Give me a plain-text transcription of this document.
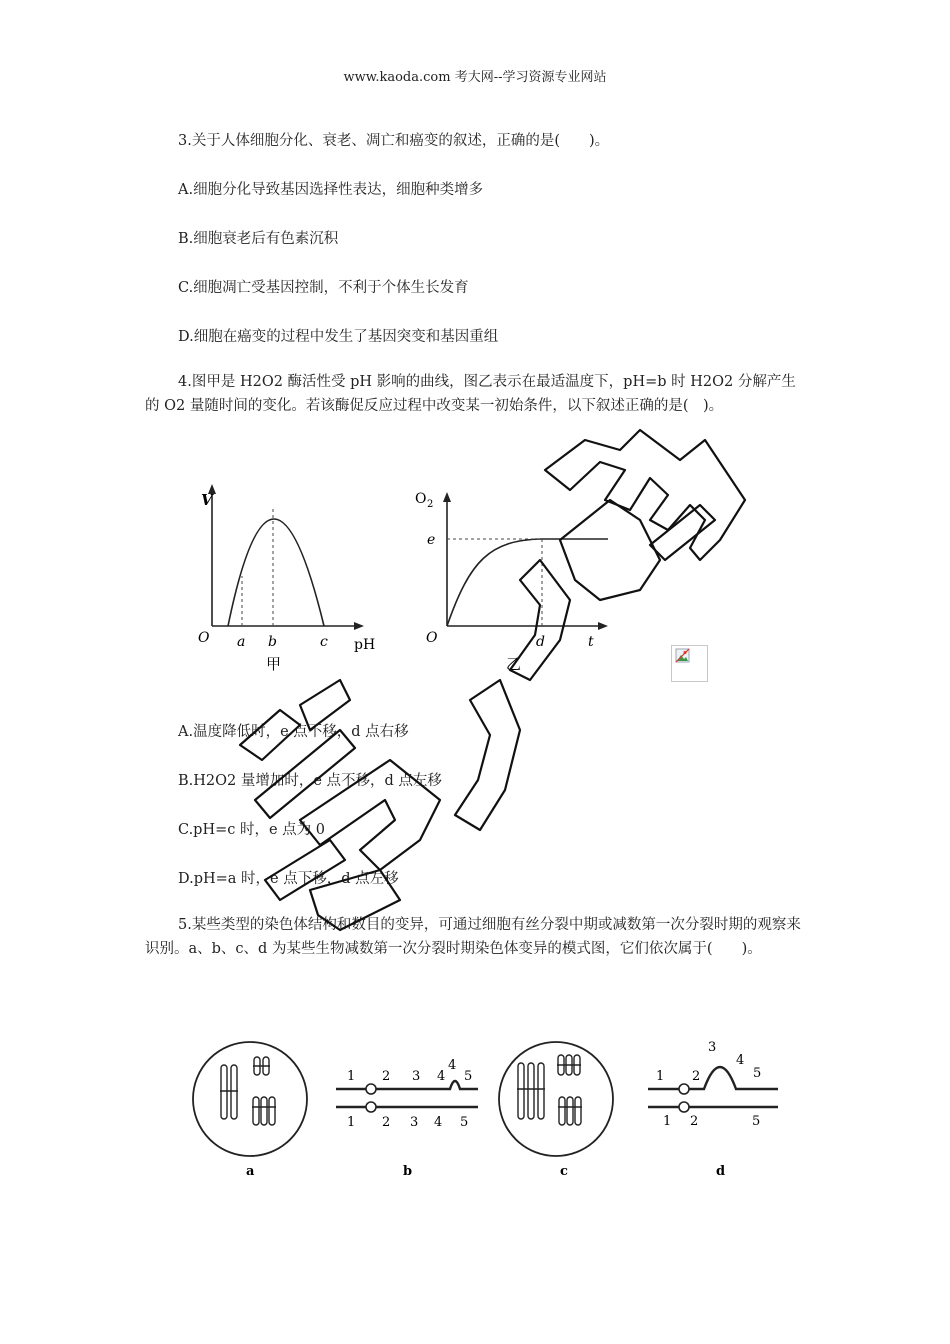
www.kaoda.com 考大网--学习资源专业网站
3.关于人体细胞分化、衰老、凋亡和癌变的叙述，正确的是(　　)。
A.细胞分化导致基因选择性表达，细胞种类增多
B.细胞衰老后有色素沉积
C.细胞凋亡受基因控制，不利于个体生长发育
D.细胞在癌变的过程中发生了基因突变和基因重组
4.图甲是 H2O2 酶活性受 pH 影响的曲线，图乙表示在最适温度下，pH=b 时 H2O2 分解产生的 O2 量随时间的变化。若该酶促反应过程中改变某一初始条件，以下叙述正确的是(　)。
V
O a b	c pH
甲
O 2
e
O	d	t
乙
A.温度降低时，e 点不移，d 点右移
B.H2O2 量增加时，e 点不移，d 点左移
C.pH=c 时，e 点为 0
D.pH=a 时，e 点下移，d 点左移
5.某些类型的染色体结构和数目的变异，可通过细胞有丝分裂中期或减数第一次分裂时期的观察来识别。a、b、c、d 为某些生物减数第一次分裂时期染色体变异的模式图，它们依次属于(　　)。
a
1 2 3 4
4
5
1 2 3 4 5
b	c
1 2
3
4
5
1 2	5
d
